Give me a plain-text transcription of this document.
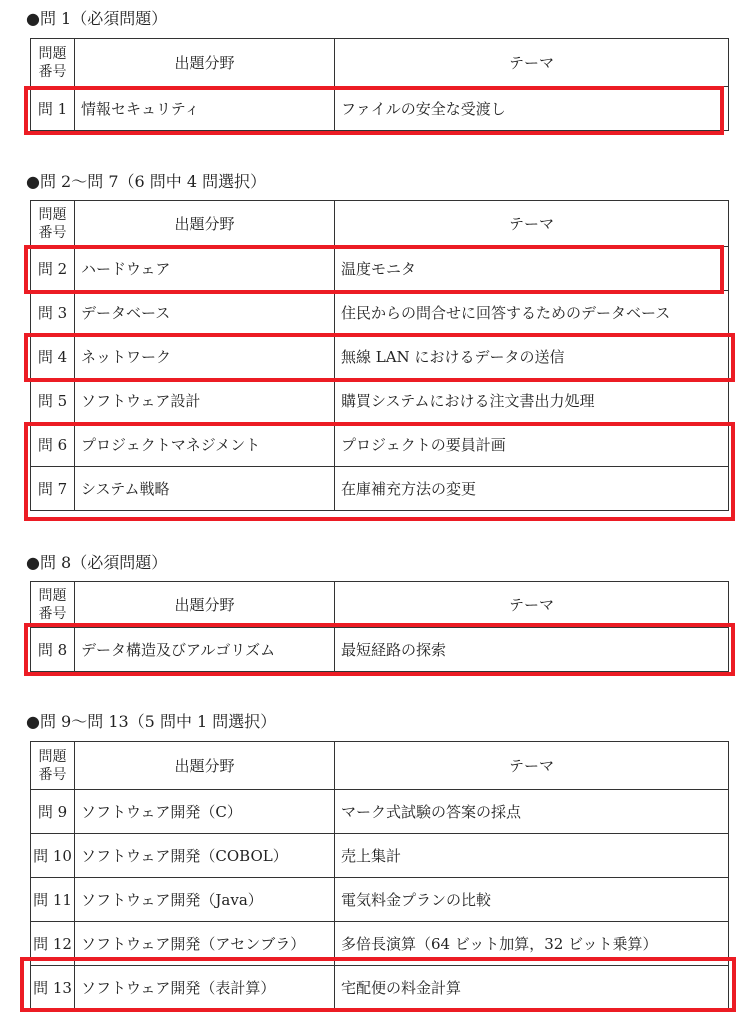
●問 1（必須問題）
問題
番号	出題分野	テーマ
問 1	情報セキュリティ	ファイルの安全な受渡し
●問 2〜問 7（6 問中 4 問選択）
問題
番号	出題分野	テーマ
問 2	ハードウェア	温度モニタ
問 3	データベース	住民からの問合せに回答するためのデータベース
問 4	ネットワーク	無線 LAN におけるデータの送信
問 5	ソフトウェア設計	購買システムにおける注文書出力処理
問 6	プロジェクトマネジメント	プロジェクトの要員計画
問 7	システム戦略	在庫補充方法の変更
●問 8（必須問題）
問題
番号	出題分野	テーマ
問 8	データ構造及びアルゴリズム	最短経路の探索
●問 9〜問 13（5 問中 1 問選択）
問題
番号	出題分野	テーマ
問 9	ソフトウェア開発（C）	マーク式試験の答案の採点
問 10	ソフトウェア開発（COBOL）	売上集計
問 11	ソフトウェア開発（Java）	電気料金プランの比較
問 12	ソフトウェア開発（アセンブラ）	多倍長演算（64 ビット加算，32 ビット乗算）
問 13	ソフトウェア開発（表計算）	宅配便の料金計算
